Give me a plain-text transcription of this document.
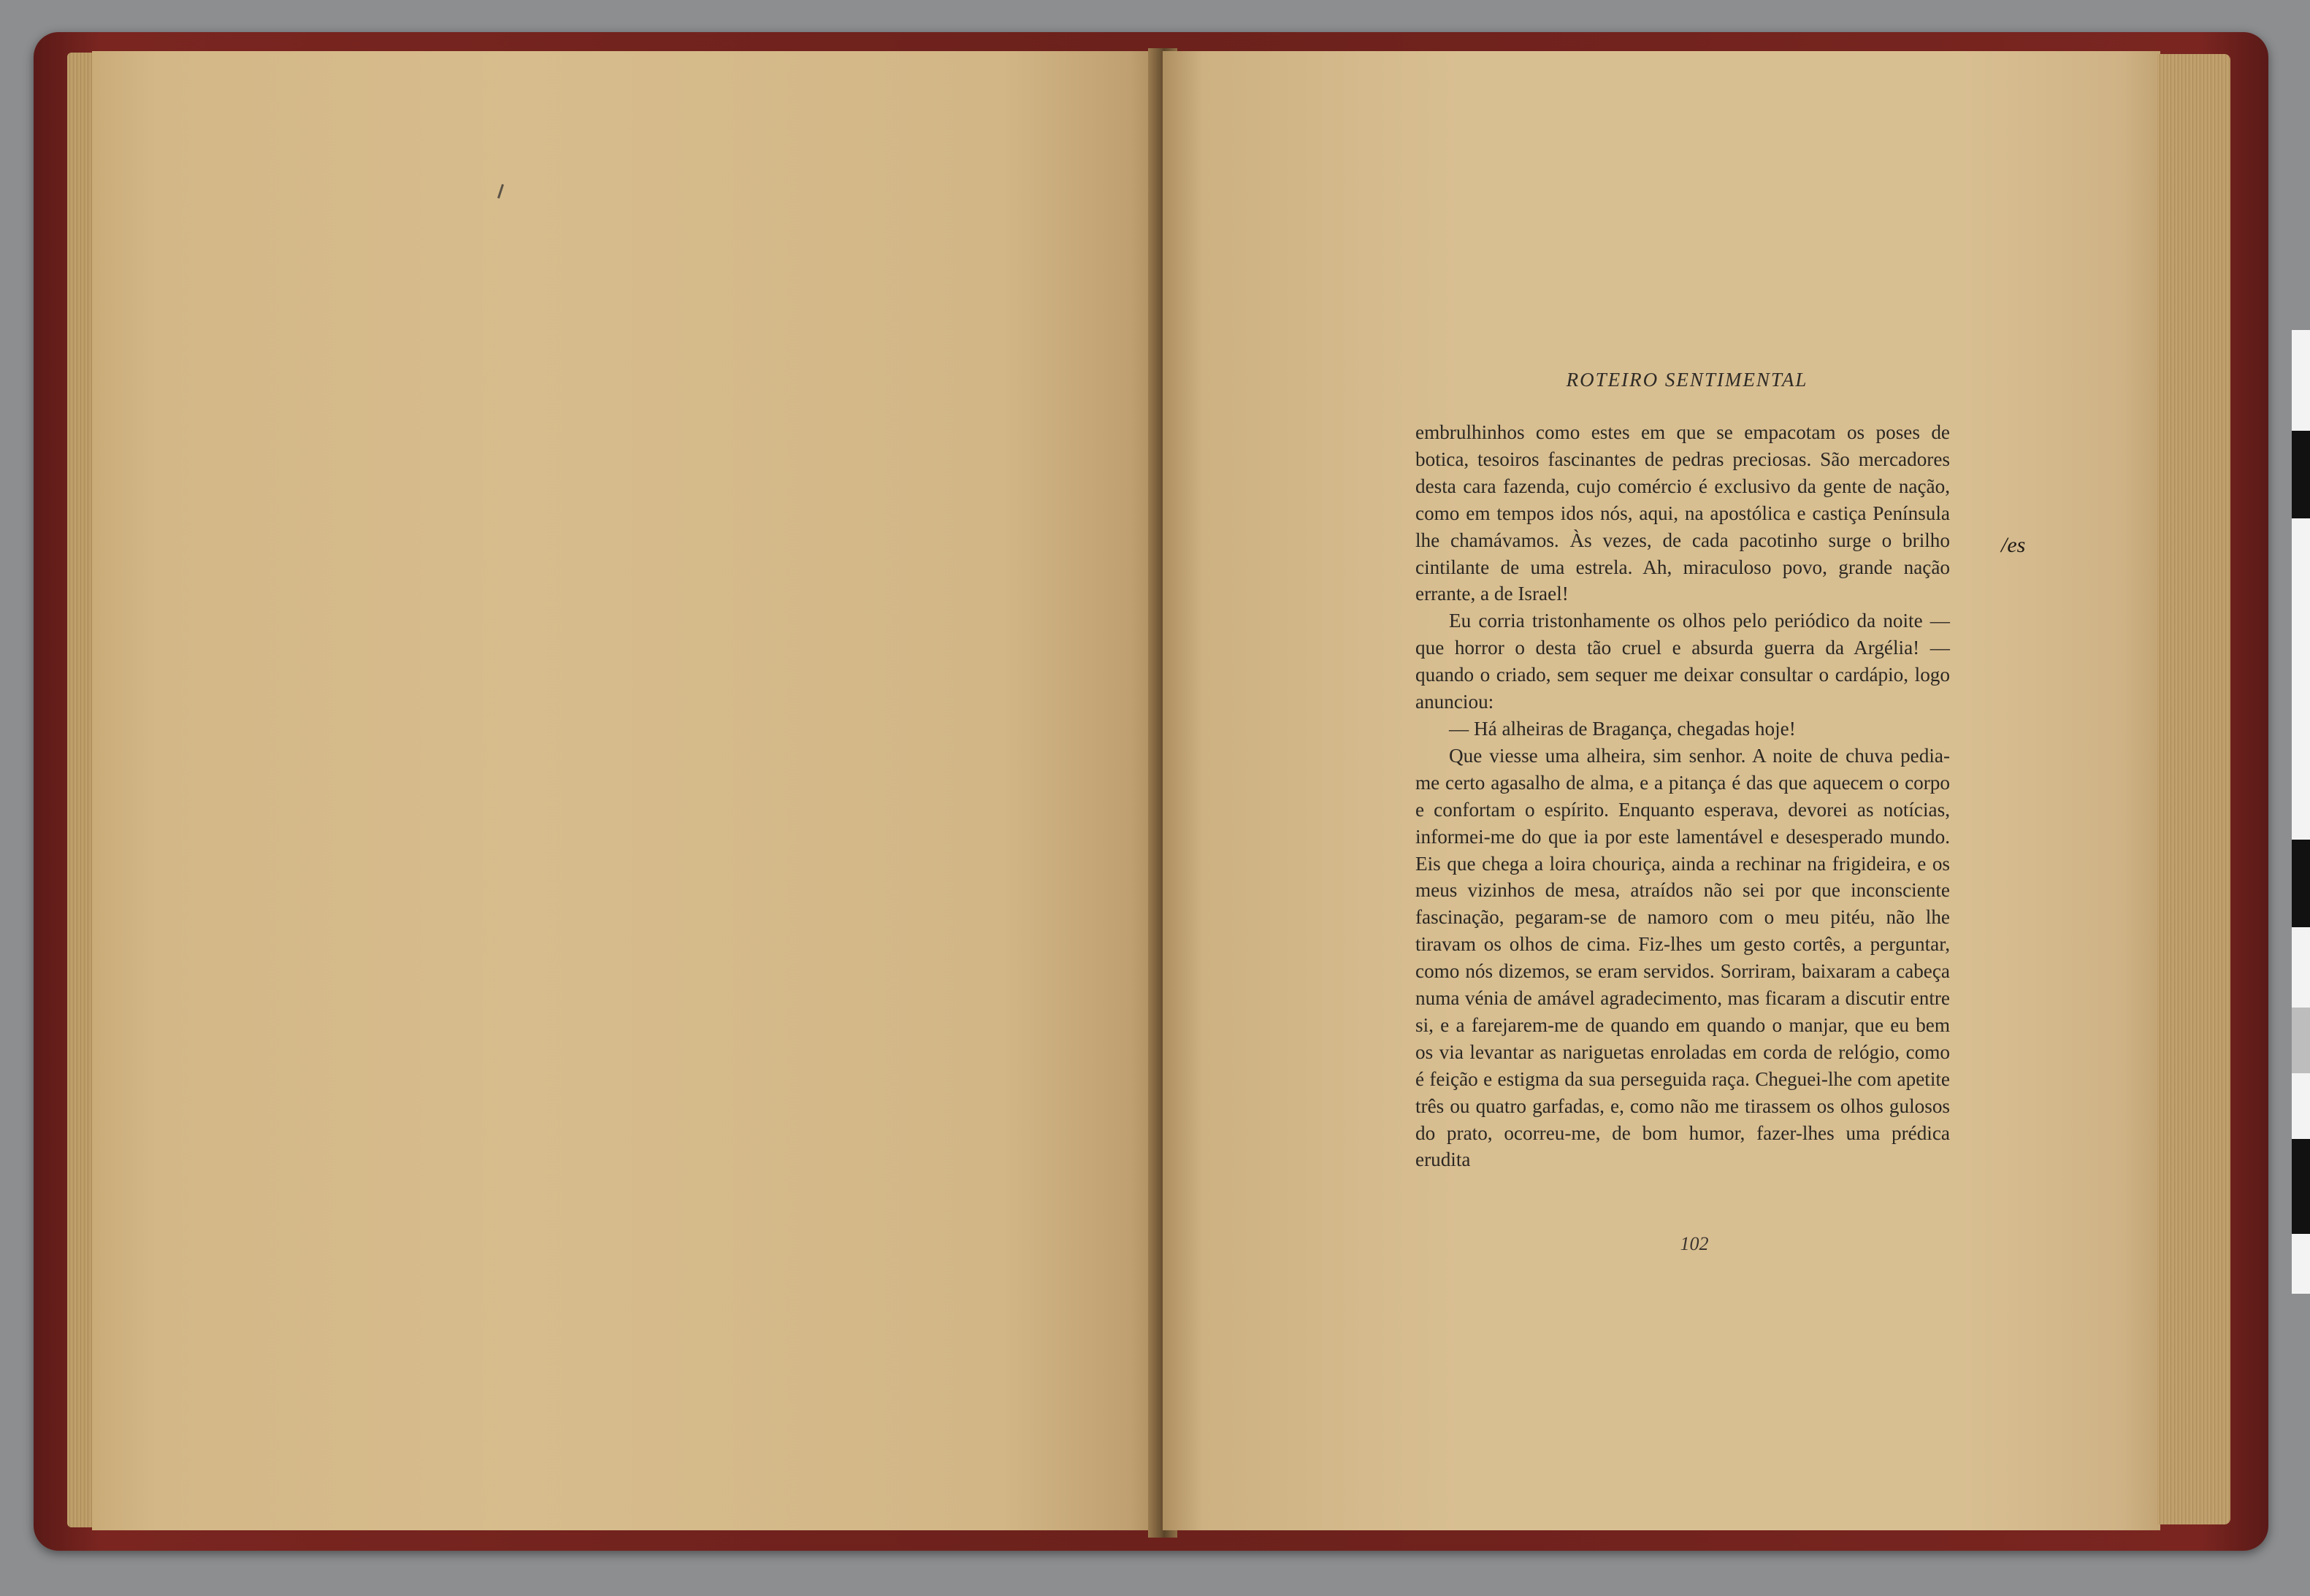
ROTEIRO SENTIMENTAL

embrulhinhos como estes em que se empacotam os poses de botica, tesoiros fascinantes de pedras preciosas. São mercadores desta cara fazenda, cujo comércio é exclusivo da gente de nação, como em tempos idos nós, aqui, na apostólica e castiça Península lhe chamávamos. Às vezes, de cada pacotinho surge o brilho cintilante de uma estrela. Ah, miraculoso povo, grande nação errante, a de Israel!

Eu corria tristonhamente os olhos pelo periódico da noite — que horror o desta tão cruel e absurda guerra da Argélia! — quando o criado, sem sequer me deixar consultar o cardápio, logo anunciou:

— Há alheiras de Bragança, chegadas hoje!

Que viesse uma alheira, sim senhor. A noite de chuva pedia-me certo agasalho de alma, e a pitança é das que aquecem o corpo e confortam o espírito. Enquanto esperava, devorei as notícias, informei-me do que ia por este lamentável e desesperado mundo. Eis que chega a loira chouriça, ainda a rechinar na frigideira, e os meus vizinhos de mesa, atraídos não sei por que inconsciente fascinação, pegaram-se de namoro com o meu pitéu, não lhe tiravam os olhos de cima. Fiz-lhes um gesto cortês, a perguntar, como nós dizemos, se eram servidos. Sorriram, baixaram a cabeça numa vénia de amável agradecimento, mas ficaram a discutir entre si, e a farejarem-me de quando em quando o manjar, que eu bem os via levantar as nariguetas enroladas em corda de relógio, como é feição e estigma da sua perseguida raça. Cheguei-lhe com apetite três ou quatro garfadas, e, como não me tirassem os olhos gulosos do prato, ocorreu-me, de bom humor, fazer-lhes uma prédica erudita

/es
102
